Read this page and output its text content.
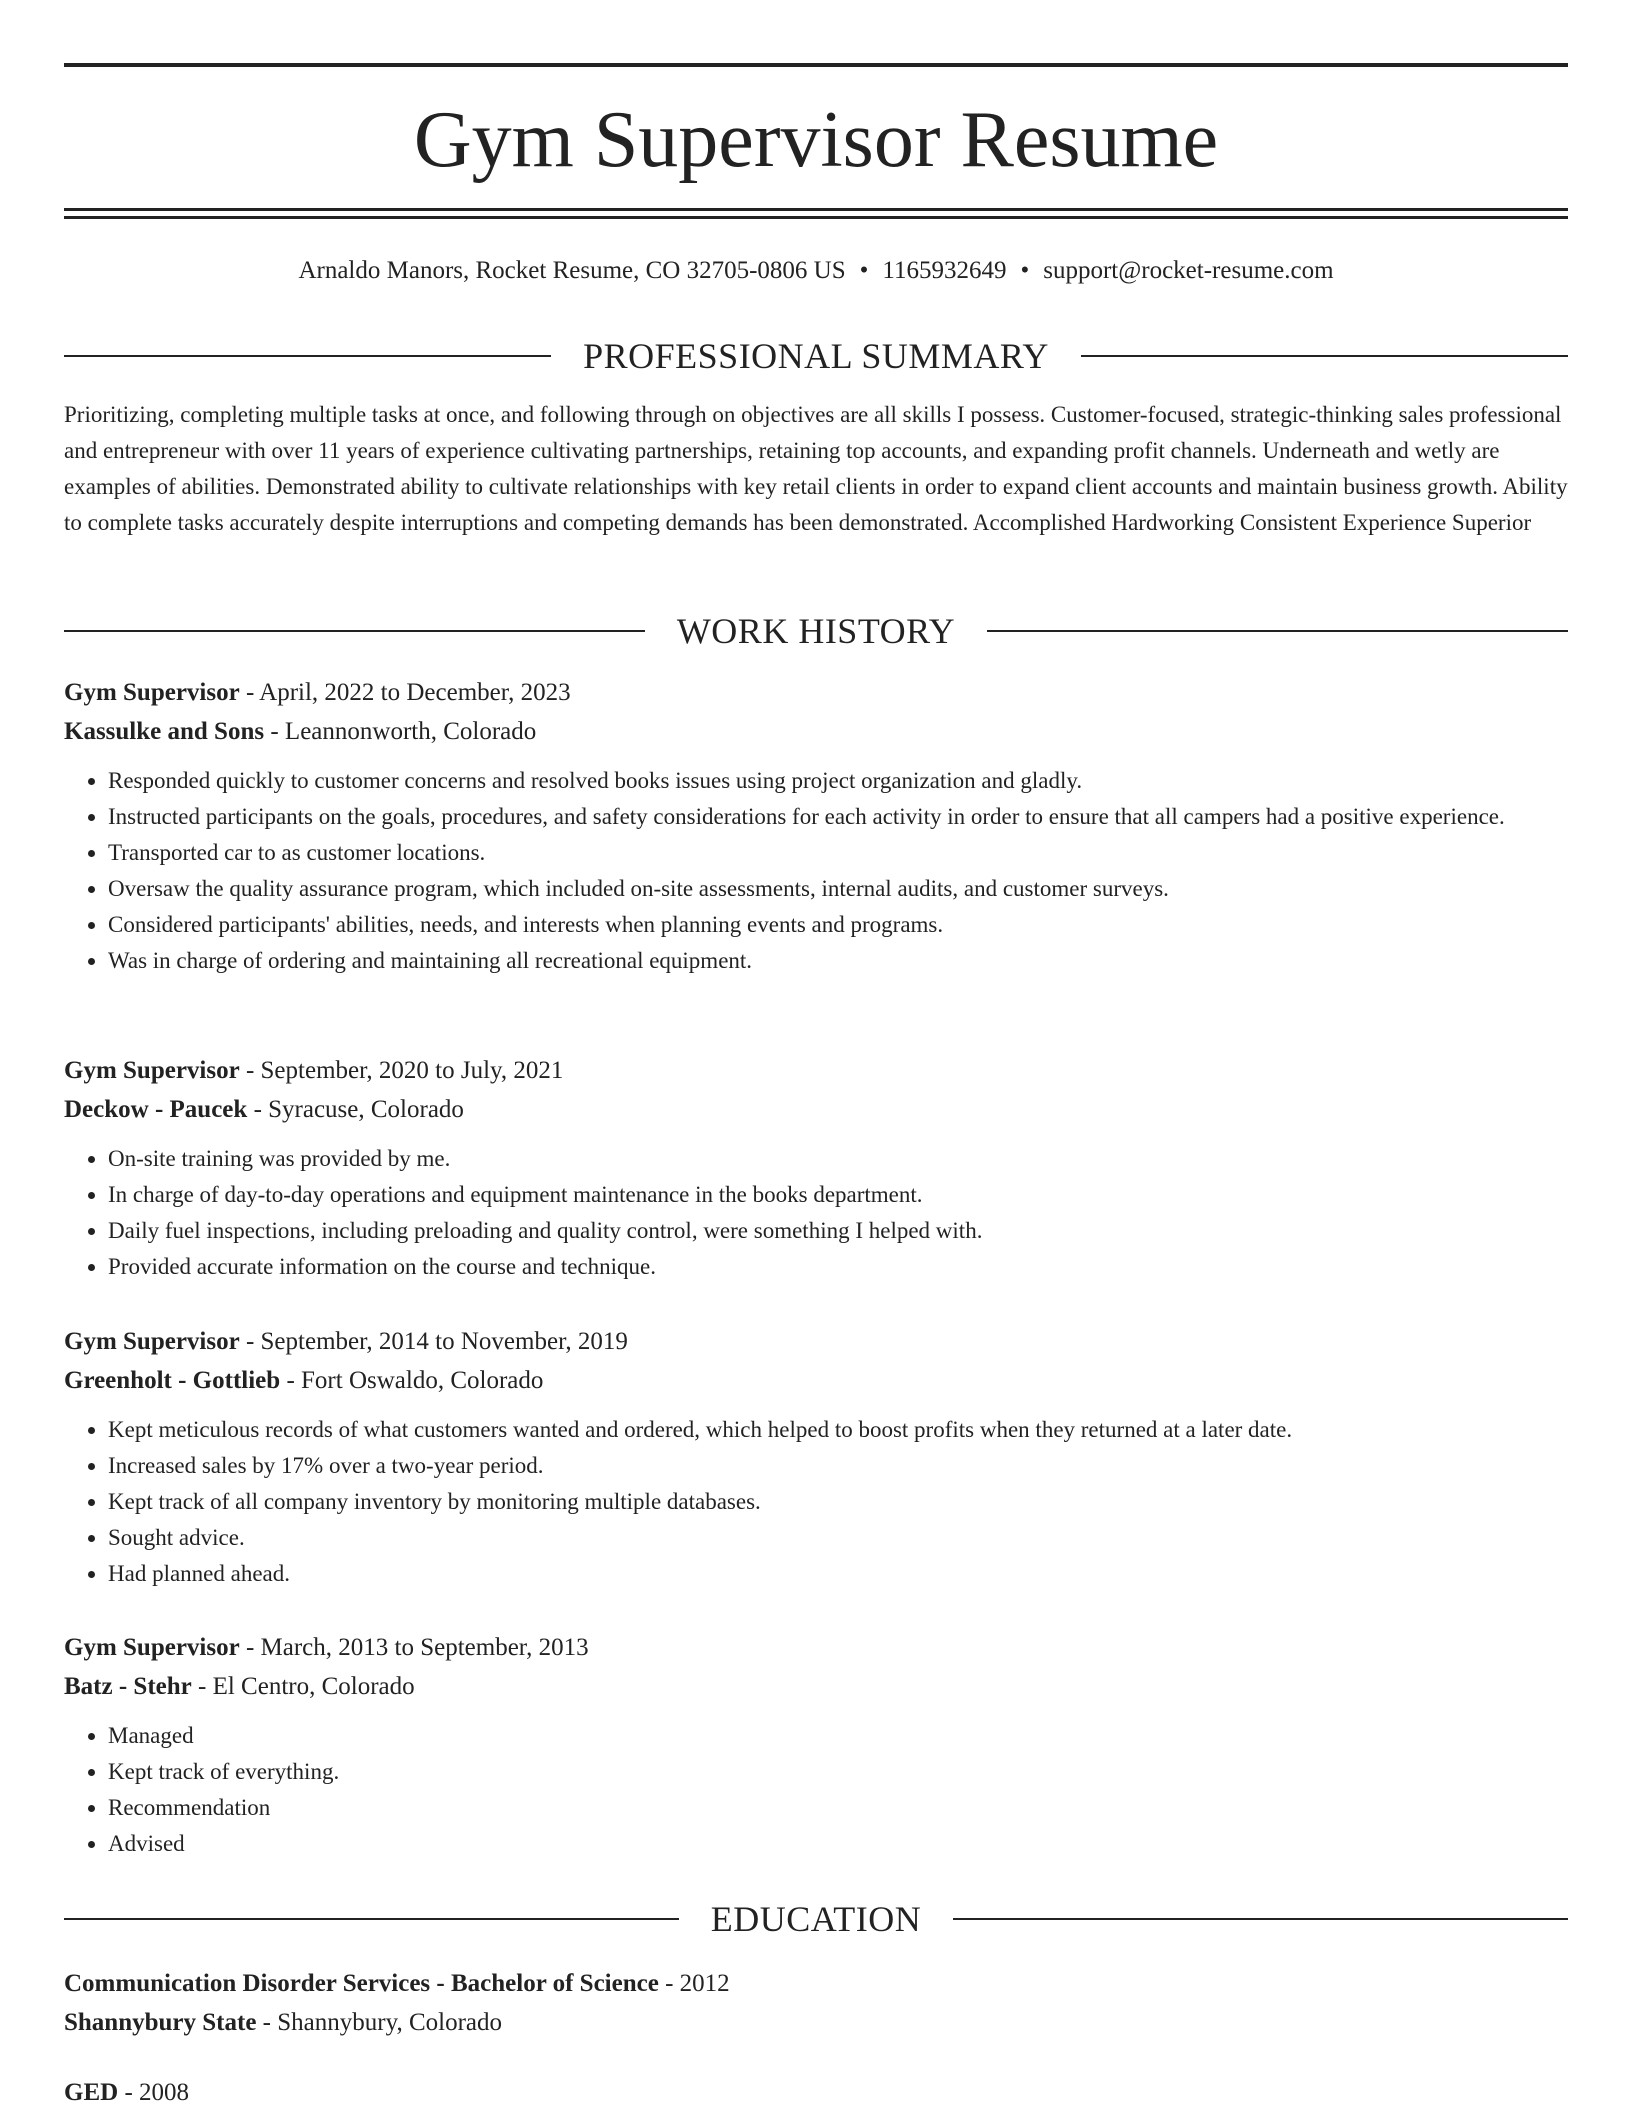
Gym Supervisor Resume
Arnaldo Manors, Rocket Resume, CO 32705-0806 US • 1165932649 • support@rocket-resume.com
PROFESSIONAL SUMMARY

Prioritizing, completing multiple tasks at once, and following through on objectives are all skills I possess. Customer-focused, strategic-thinking sales professional and entrepreneur with over 11 years of experience cultivating partnerships, retaining top accounts, and expanding profit channels. Underneath and wetly are examples of abilities. Demonstrated ability to cultivate relationships with key retail clients in order to expand client accounts and maintain business growth. Ability to complete tasks accurately despite interruptions and competing demands has been demonstrated. Accomplished Hardworking Consistent Experience Superior

WORK HISTORY
Gym Supervisor - April, 2022 to December, 2023
Kassulke and Sons - Leannonworth, Colorado
• Responded quickly to customer concerns and resolved books issues using project organization and gladly.
• Instructed participants on the goals, procedures, and safety considerations for each activity in order to ensure that all campers had a positive experience.
• Transported car to as customer locations.
• Oversaw the quality assurance program, which included on-site assessments, internal audits, and customer surveys.
• Considered participants' abilities, needs, and interests when planning events and programs.
• Was in charge of ordering and maintaining all recreational equipment.
Gym Supervisor - September, 2020 to July, 2021
Deckow - Paucek - Syracuse, Colorado
• On-site training was provided by me.
• In charge of day-to-day operations and equipment maintenance in the books department.
• Daily fuel inspections, including preloading and quality control, were something I helped with.
• Provided accurate information on the course and technique.
Gym Supervisor - September, 2014 to November, 2019
Greenholt - Gottlieb - Fort Oswaldo, Colorado
• Kept meticulous records of what customers wanted and ordered, which helped to boost profits when they returned at a later date.
• Increased sales by 17% over a two-year period.
• Kept track of all company inventory by monitoring multiple databases.
• Sought advice.
• Had planned ahead.
Gym Supervisor - March, 2013 to September, 2013
Batz - Stehr - El Centro, Colorado
• Managed
• Kept track of everything.
• Recommendation
• Advised
EDUCATION
Communication Disorder Services - Bachelor of Science - 2012
Shannybury State - Shannybury, Colorado
GED - 2008
